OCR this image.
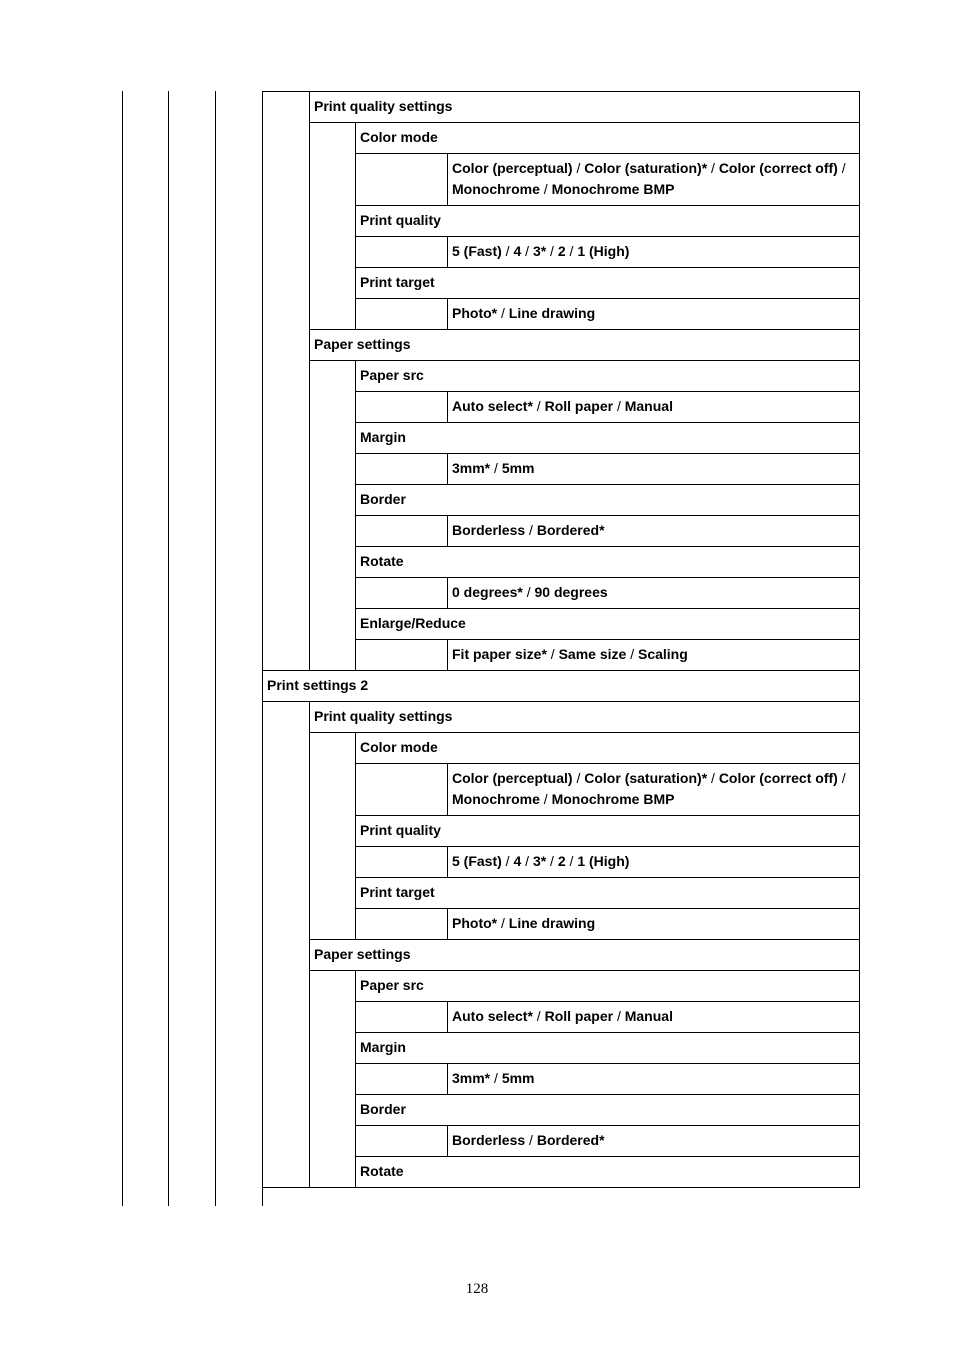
Print quality settings
Color mode
Color (perceptual) / Color (saturation)* / Color (correct off) / Monochrome / Monochrome BMP
Print quality
5 (Fast) / 4 / 3* / 2 / 1 (High)
Print target
Photo* / Line drawing
Paper settings
Paper src
Auto select* / Roll paper / Manual
Margin
3mm* / 5mm
Border
Borderless / Bordered*
Rotate
0 degrees* / 90 degrees
Enlarge/Reduce
Fit paper size* / Same size / Scaling
Print settings 2
Print quality settings
Color mode
Color (perceptual) / Color (saturation)* / Color (correct off) / Monochrome / Monochrome BMP
Print quality
5 (Fast) / 4 / 3* / 2 / 1 (High)
Print target
Photo* / Line drawing
Paper settings
Paper src
Auto select* / Roll paper / Manual
Margin
3mm* / 5mm
Border
Borderless / Bordered*
Rotate
128
